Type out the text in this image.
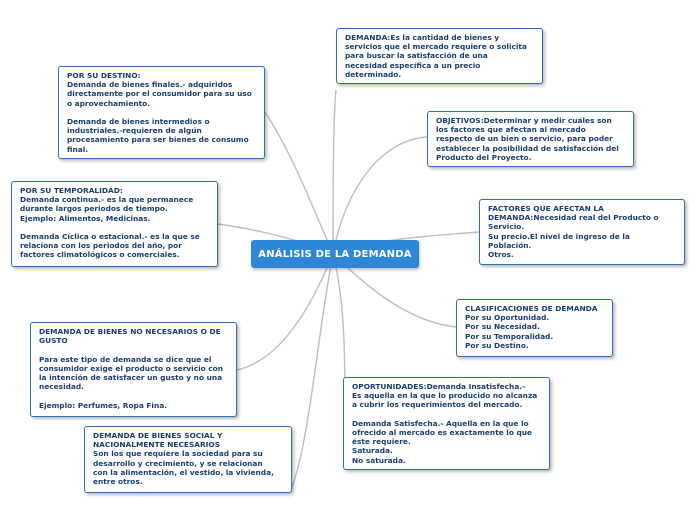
DEMANDA:Es la cantidad de bienes y
servicios que el mercado requiere o solicita
para buscar la satisfacción de una
necesidad específica a un precio
determinado.
OBJETIVOS:Determinar y medir cuáles son
los factores que afectan al mercado
respecto de un bien o servicio, para poder
establecer la posibilidad de satisfacción del
Producto del Proyecto.
FACTORES QUE AFECTAN LA
DEMANDA:Necesidad real del Producto o
Servicio.
Su precio.El nivel de ingreso de la
Población.
Otros.
CLASIFICACIONES DE DEMANDA
Por su Oportunidad.
Por su Necesidad.
Por su Temporalidad.
Por su Destino.
OPORTUNIDADES:Demanda Insatisfecha.-
Es aquella en la que lo producido no alcanza
a cubrir los requerimientos del mercado.

Demanda Satisfecha.- Aquella en la que lo
ofrecido al mercado es exactamente lo que
éste requiere.
Saturada.
No saturada.
DEMANDA DE BIENES SOCIAL Y
NACIONALMENTE NECESARIOS
Son los que requiere la sociedad para su
desarrollo y crecimiento, y se relacionan
con la alimentación, el vestido, la vivienda,
entre otros.
DEMANDA DE BIENES NO NECESARIOS O DE
GUSTO

Para este tipo de demanda se dice que el
consumidor exige el producto o servicio con
la intención de satisfacer un gusto y no una
necesidad.

Ejemplo: Perfumes, Ropa Fina.
POR SU TEMPORALIDAD:
Demanda continua.- es la que permanece
durante largos periodos de tiempo.
Ejemplo: Alimentos, Medicinas.

Demanda Cíclica o estacional.- es la que se
relaciona con los periodos del año, por
factores climatológicos o comerciales.
POR SU DESTINO:
Demanda de bienes finales.- adquiridos
directamente por el consumidor para su uso
o aprovechamiento.

Demanda de bienes intermedios o
industriales.-requieren de algún
procesamiento para ser bienes de consumo
final.
ANÁLISIS DE LA DEMANDA
